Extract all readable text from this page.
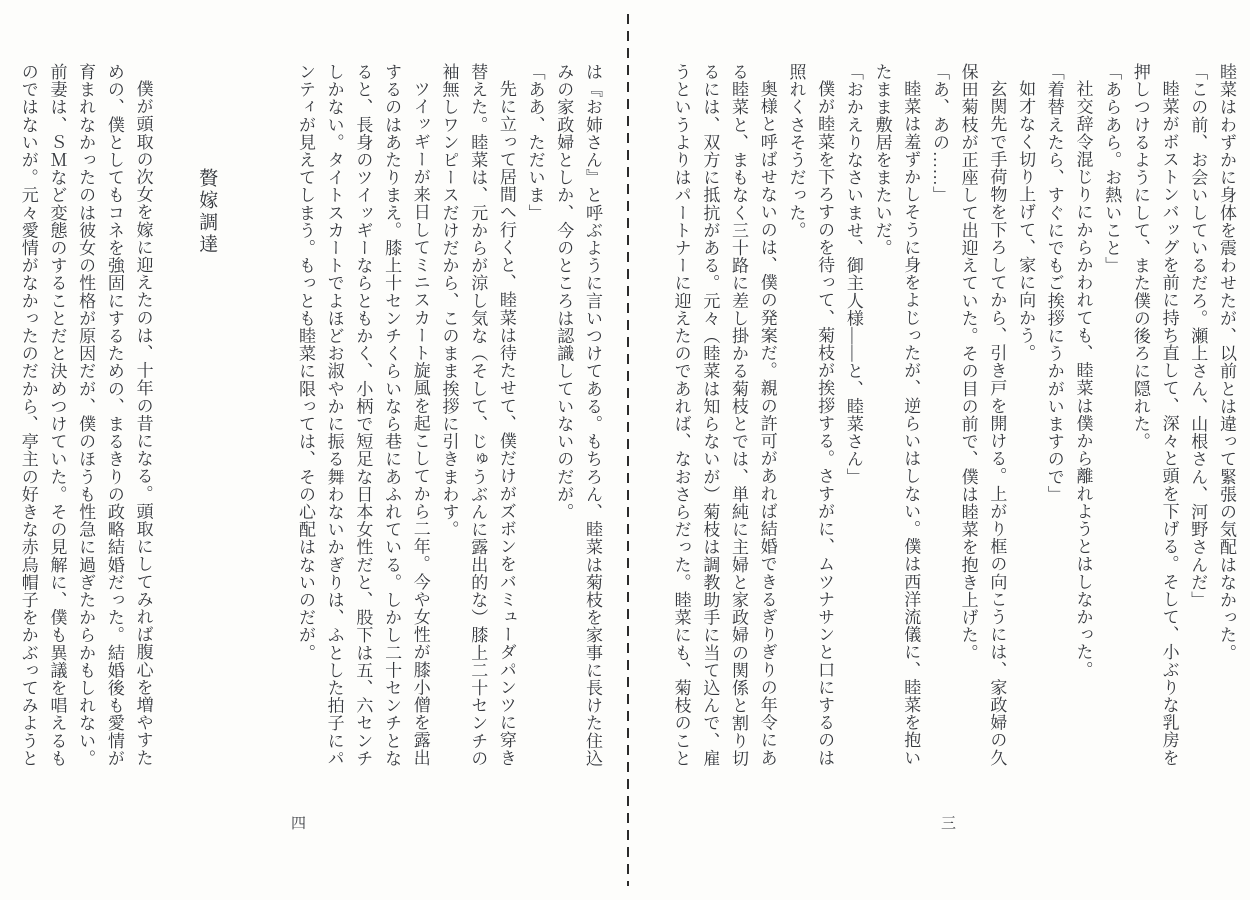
睦菜はわずかに身体を震わせたが、以前とは違って緊張の気配はなかった。
「この前、お会いしているだろ。瀬上さん、山根さん、河野さんだ」
睦菜がボストンバッグを前に持ち直して、深々と頭を下げる。そして、小ぶりな乳房を
押しつけるようにして、また僕の後ろに隠れた。
「あらあら。お熱いこと」
社交辞令混じりにからかわれても、睦菜は僕から離れようとはしなかった。
「着替えたら、すぐにでもご挨拶にうかがいますので」
如才なく切り上げて、家に向かう。
玄関先で手荷物を下ろしてから、引き戸を開ける。上がり框の向こうには、家政婦の久
保田菊枝が正座して出迎えていた。その目の前で、僕は睦菜を抱き上げた。
「あ、あの……」
睦菜は羞ずかしそうに身をよじったが、逆らいはしない。僕は西洋流儀に、睦菜を抱い
たまま敷居をまたいだ。
「おかえりなさいませ、御主人様――と、睦菜さん」
僕が睦菜を下ろすのを待って、菊枝が挨拶する。さすがに、ムツナサンと口にするのは
照れくさそうだった。
奥様と呼ばせないのは、僕の発案だ。親の許可があれば結婚できるぎりぎりの年令にあ
る睦菜と、まもなく三十路に差し掛かる菊枝とでは、単純に主婦と家政婦の関係と割り切
るには、双方に抵抗がある。元々（睦菜は知らないが）菊枝は調教助手に当て込んで、雇
うというよりはパートナーに迎えたのであれば、なおさらだった。睦菜にも、菊枝のこと
は『お姉さん』と呼ぶように言いつけてある。もちろん、睦菜は菊枝を家事に長けた住込
みの家政婦としか、今のところは認識していないのだが。
「ああ、ただいま」
先に立って居間へ行くと、睦菜は待たせて、僕だけがズボンをバミューダパンツに穿き
替えた。睦菜は、元からが涼し気な（そして、じゅうぶんに露出的な）膝上二十センチの
袖無しワンピースだけだから、このまま挨拶に引きまわす。
ツイッギーが来日してミニスカート旋風を起こしてから二年。今や女性が膝小僧を露出
するのはあたりまえ。膝上十センチくらいなら巷にあふれている。しかし二十センチとな
ると、長身のツイッギーならともかく、小柄で短足な日本女性だと、股下は五、六センチ
しかない。タイトスカートでよほどお淑やかに振る舞わないかぎりは、ふとした拍子にパ
ンティが見えてしまう。もっとも睦菜に限っては、その心配はないのだが。
贅嫁調達
僕が頭取の次女を嫁に迎えたのは、十年の昔になる。頭取にしてみれば腹心を増やすた
めの、僕としてもコネを強固にするための、まるきりの政略結婚だった。結婚後も愛情が
育まれなかったのは彼女の性格が原因だが、僕のほうも性急に過ぎたからかもしれない。
前妻は、ＳＭなど変態のすることだと決めつけていた。その見解に、僕も異議を唱えるも
のではないが。元々愛情がなかったのだから、亭主の好きな赤烏帽子をかぶってみようと
三
四
